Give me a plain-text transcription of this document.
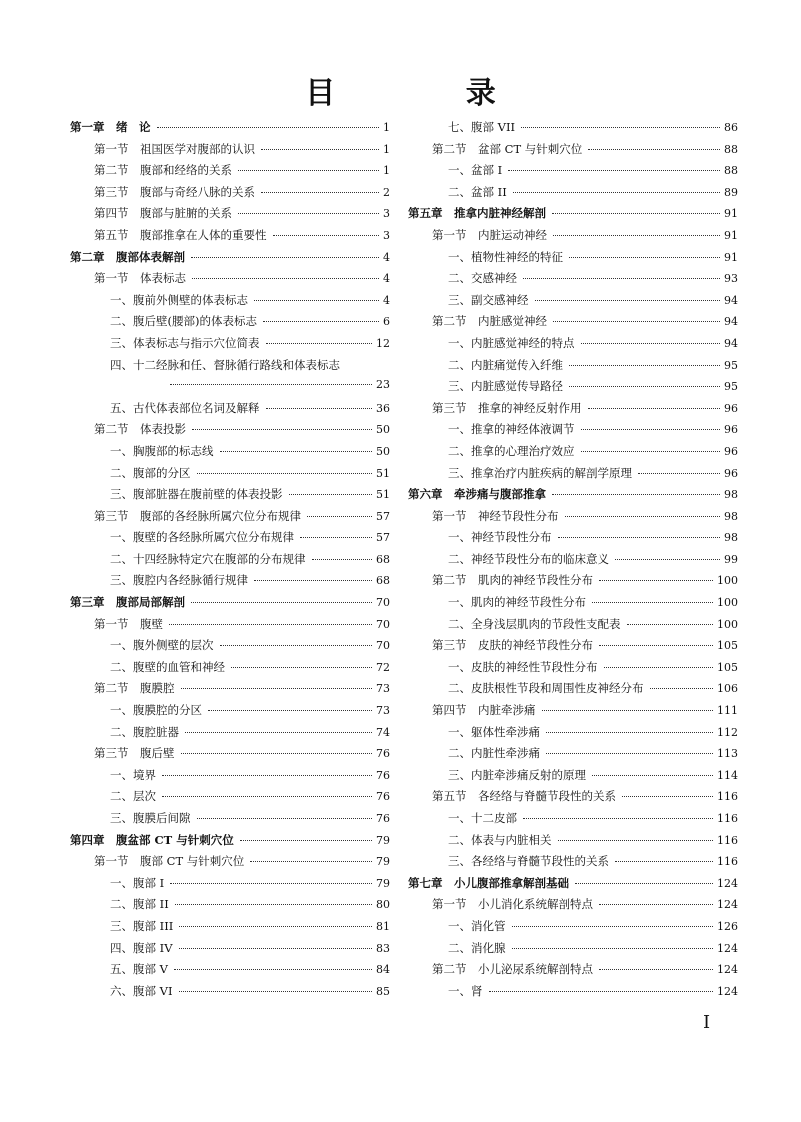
目 录
第一章　绪　论	1
第一节　祖国医学对腹部的认识	1
第二节　腹部和经络的关系	1
第三节　腹部与奇经八脉的关系	2
第四节　腹部与脏腑的关系	3
第五节　腹部推拿在人体的重要性	3
第二章　腹部体表解剖	4
第一节　体表标志	4
一、腹前外侧壁的体表标志	4
二、腹后壁(腰部)的体表标志	6
三、体表标志与指示穴位简表	12
四、十二经脉和任、督脉循行路线和体表标志
23
五、古代体表部位名词及解释	36
第二节　体表投影	50
一、胸腹部的标志线	50
二、腹部的分区	51
三、腹部脏器在腹前壁的体表投影	51
第三节　腹部的各经脉所属穴位分布规律	57
一、腹壁的各经脉所属穴位分布规律	57
二、十四经脉特定穴在腹部的分布规律	68
三、腹腔内各经脉循行规律	68
第三章　腹部局部解剖	70
第一节　腹壁	70
一、腹外侧壁的层次	70
二、腹壁的血管和神经	72
第二节　腹膜腔	73
一、腹膜腔的分区	73
二、腹腔脏器	74
第三节　腹后壁	76
一、境界	76
二、层次	76
三、腹膜后间隙	76
第四章　腹盆部 CT 与针刺穴位	79
第一节　腹部 CT 与针刺穴位	79
一、腹部 I	79
二、腹部 II	80
三、腹部 III	81
四、腹部 IV	83
五、腹部 V	84
六、腹部 VI	85
七、腹部 VII	86
第二节　盆部 CT 与针刺穴位	88
一、盆部 I	88
二、盆部 II	89
第五章　推拿内脏神经解剖	91
第一节　内脏运动神经	91
一、植物性神经的特征	91
二、交感神经	93
三、副交感神经	94
第二节　内脏感觉神经	94
一、内脏感觉神经的特点	94
二、内脏痛觉传入纤维	95
三、内脏感觉传导路径	95
第三节　推拿的神经反射作用	96
一、推拿的神经体液调节	96
二、推拿的心理治疗效应	96
三、推拿治疗内脏疾病的解剖学原理	96
第六章　牵涉痛与腹部推拿	98
第一节　神经节段性分布	98
一、神经节段性分布	98
二、神经节段性分布的临床意义	99
第二节　肌肉的神经节段性分布	100
一、肌肉的神经节段性分布	100
二、全身浅层肌肉的节段性支配表	100
第三节　皮肤的神经节段性分布	105
一、皮肤的神经性节段性分布	105
二、皮肤根性节段和周围性皮神经分布	106
第四节　内脏牵涉痛	111
一、躯体性牵涉痛	112
二、内脏性牵涉痛	113
三、内脏牵涉痛反射的原理	114
第五节　各经络与脊髓节段性的关系	116
一、十二皮部	116
二、体表与内脏相关	116
三、各经络与脊髓节段性的关系	116
第七章　小儿腹部推拿解剖基础	124
第一节　小儿消化系统解剖特点	124
一、消化管	126
二、消化腺	124
第二节　小儿泌尿系统解剖特点	124
一、肾	124
I
